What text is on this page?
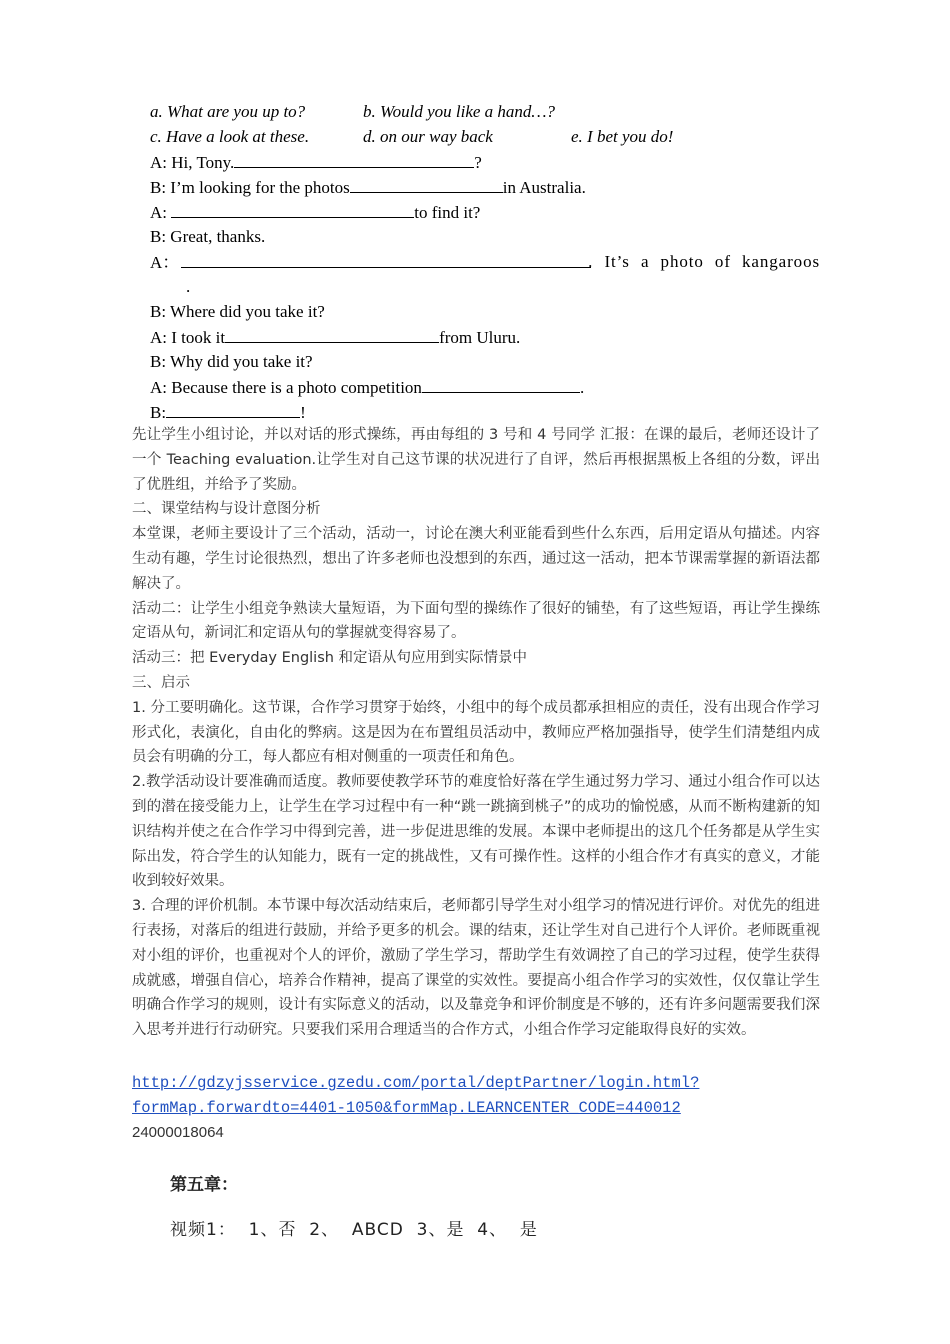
a. What are you up to?	b. Would you like a hand…?
c. Have a look at these.	d. on our way back	e. I bet you do!
A: Hi, Tony.	?
B: I’m looking for the photos	in Australia.
A:	to find it?
B: Great, thanks.
A：	. It’s a photo of kangaroos
.
B: Where did you take it?
A: I took it	from Uluru.
B: Why did you take it?
A: Because there is a photo competition	.
B:	!

先让学生小组讨论，并以对话的形式操练，再由每组的 3 号和 4 号同学 汇报：在课的最后，老师还设计了一个 Teaching evaluation.让学生对自己这节课的状况进行了自评，然后再根据黑板上各组的分数，评出了优胜组，并给予了奖励。

二、课堂结构与设计意图分析

本堂课，老师主要设计了三个活动，活动一，讨论在澳大利亚能看到些什么东西，后用定语从句描述。内容生动有趣，学生讨论很热烈，想出了许多老师也没想到的东西，通过这一活动，把本节课需掌握的新语法都解决了。

活动二：让学生小组竞争熟读大量短语，为下面句型的操练作了很好的铺垫，有了这些短语，再让学生操练定语从句，新词汇和定语从句的掌握就变得容易了。

活动三：把 Everyday English 和定语从句应用到实际情景中

三、启示

1. 分工要明确化。这节课，合作学习贯穿于始终，小组中的每个成员都承担相应的责任，没有出现合作学习形式化，表演化，自由化的弊病。这是因为在布置组员活动中，教师应严格加强指导，使学生们清楚组内成员会有明确的分工，每人都应有相对侧重的一项责任和角色。

2.教学活动设计要准确而适度。教师要使教学环节的难度恰好落在学生通过努力学习、通过小组合作可以达到的潜在接受能力上，让学生在学习过程中有一种“跳一跳摘到桃子”的成功的愉悦感，从而不断构建新的知识结构并使之在合作学习中得到完善，进一步促进思维的发展。本课中老师提出的这几个任务都是从学生实际出发，符合学生的认知能力，既有一定的挑战性，又有可操作性。这样的小组合作才有真实的意义，才能收到较好效果。

3. 合理的评价机制。本节课中每次活动结束后，老师都引导学生对小组学习的情况进行评价。对优先的组进行表扬，对落后的组进行鼓励，并给予更多的机会。课的结束，还让学生对自己进行个人评价。老师既重视对小组的评价，也重视对个人的评价，激励了学生学习，帮助学生有效调控了自己的学习过程，使学生获得成就感，增强自信心，培养合作精神，提高了课堂的实效性。要提高小组合作学习的实效性，仅仅靠让学生明确合作学习的规则，设计有实际意义的活动，以及靠竞争和评价制度是不够的，还有许多问题需要我们深入思考并进行行动研究。只要我们采用合理适当的合作方式，小组合作学习定能取得良好的实效。

http://gdzyjsservice.gzedu.com/portal/deptPartner/login.html?
formMap.forwardto=4401-1050&formMap.LEARNCENTER_CODE=440012
24000018064
第五章：
视频1：  1、否  2、  ABCD  3、是  4、  是
